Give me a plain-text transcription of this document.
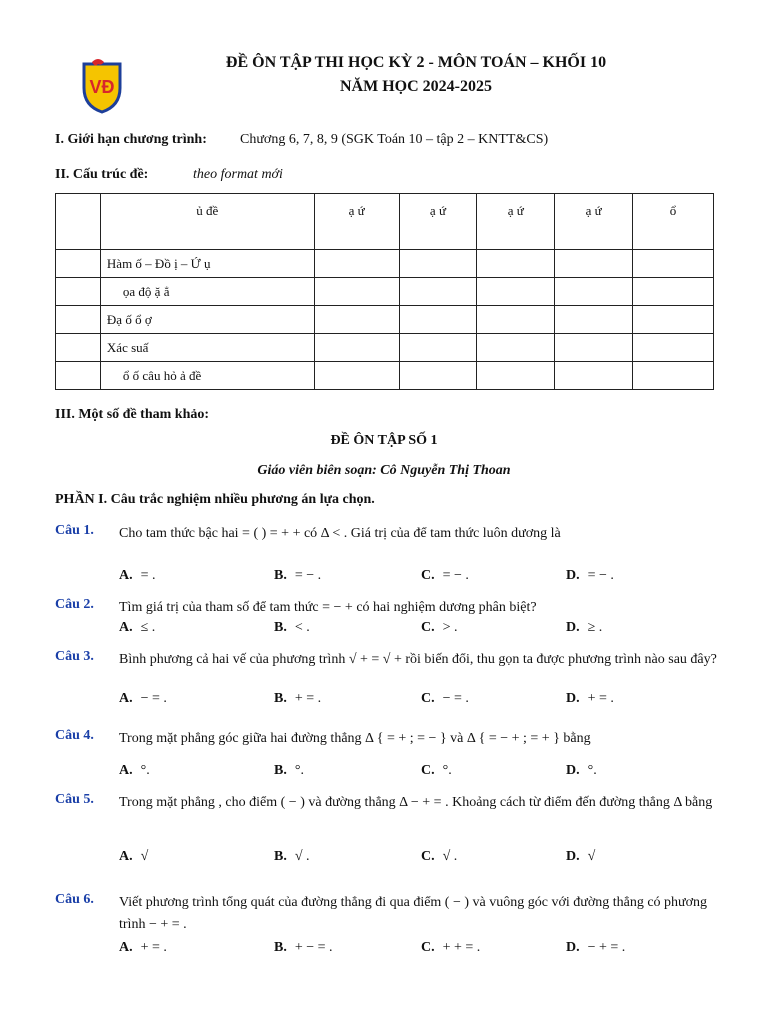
VĐ
ĐỀ ÔN TẬP THI HỌC KỲ 2 - MÔN TOÁN – KHỐI 10
NĂM HỌC 2024-2025
I. Giới hạn chương trình: Chương 6, 7, 8, 9 (SGK Toán 10 – tập 2 – KNTT&CS)
II. Cấu trúc đề:	theo format mới
	ủ đề	ạ ứ	ạ ứ	ạ ứ	ạ ứ	ổ
	Hàm ố – Đồ ị – Ứ ụ					
	ọa độ ặ ẳ					
	Đạ ố ổ ợ					
	Xác suấ					
	ổ ố câu hỏ ả đề					
III. Một số đề tham khảo:
ĐỀ ÔN TẬP SỐ 1
Giáo viên biên soạn: Cô Nguyễn Thị Thoan
PHẦN I. Câu trắc nghiệm nhiều phương án lựa chọn.
Câu 1. Cho tam thức bậc hai = ( ) = + + có Δ < . Giá trị của để tam thức luôn dương là
A. = .	B. = − .	C. = − .	D. = − .
Câu 2. Tìm giá trị của tham số để tam thức = − + có hai nghiệm dương phân biệt?
A. ≤ .	B. < .	C. > .	D. ≥ .
Câu 3. Bình phương cả hai vế của phương trình √ + = √ + rồi biến đổi, thu gọn ta được phương trình nào sau đây?
A. − = .	B. + = .	C. − = .	D. + = .
Câu 4. Trong mặt phẳng góc giữa hai đường thẳng Δ { = + ; = − } và Δ { = − + ; = + } bằng
A. °.	B. °.	C. °.	D. °.
Câu 5. Trong mặt phẳng , cho điểm ( − ) và đường thẳng Δ − + = . Khoảng cách từ điểm đến đường thẳng Δ bằng
A. √	B. √ .	C. √ .	D. √
Câu 6. Viết phương trình tổng quát của đường thẳng đi qua điểm ( − ) và vuông góc với đường thẳng có phương trình − + = .
A. + = .	B. + − = .	C. + + = .	D. − + = .
